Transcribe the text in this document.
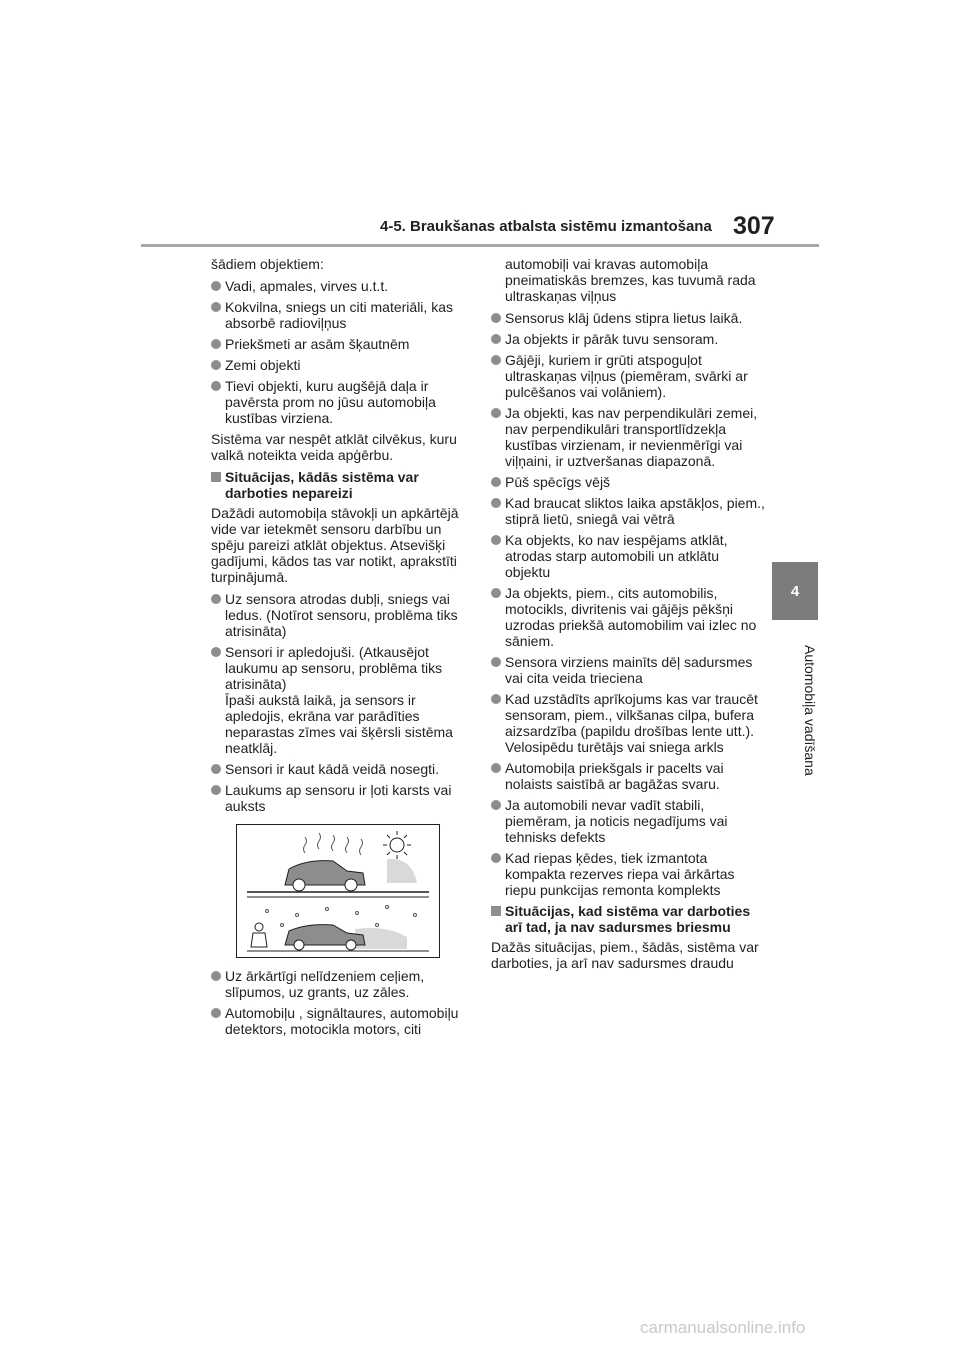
4-5. Braukšanas atbalsta sistēmu izmantošana 307
4
Automobiļa vadīšana

šādiem objektiem:

Vadi, apmales, virves u.t.t.

Kokvilna, sniegs un citi materiāli, kas absorbē radioviļņus

Priekšmeti ar asām šķautnēm

Zemi objekti

Tievi objekti, kuru augšējā daļa ir pavērsta prom no jūsu automobiļa kustības virziena.

Sistēma var nespēt atklāt cilvēkus, kuru valkā noteikta veida apģērbu.

Situācijas, kādās sistēma var darboties nepareizi

Dažādi automobiļa stāvokļi un apkārtējā vide var ietekmēt sensoru darbību un spēju pareizi atklāt objektus. Atsevišķi gadījumi, kādos tas var notikt, aprakstīti turpinājumā.

Uz sensora atrodas dubļi, sniegs vai ledus. (Notīrot sensoru, problēma tiks atrisināta)

Sensori ir apledojuši. (Atkausējot laukumu ap sensoru, problēma tiks atrisināta)
Īpaši aukstā laikā, ja sensors ir apledojis, ekrāna var parādīties neparastas zīmes vai šķērsli sistēma neatklāj.

Sensori ir kaut kādā veidā nosegti.

Laukums ap sensoru ir ļoti karsts vai auksts

Uz ārkārtīgi nelīdzeniem ceļiem, slīpumos, uz grants, uz zāles.

Automobiļu , signāltaures, automobiļu detektors, motocikla motors, citi

automobiļi vai kravas automobiļa pneimatiskās bremzes, kas tuvumā rada ultraskaņas viļņus

Sensorus klāj ūdens stipra lietus laikā.

Ja objekts ir pārāk tuvu sensoram.

Gājēji, kuriem ir grūti atspoguļot ultraskaņas viļņus (piemēram, svārki ar pulcēšanos vai volāniem).

Ja objekti, kas nav perpendikulāri zemei, nav perpendikulāri transportlīdzekļa kustības virzienam, ir nevienmērīgi vai viļņaini, ir uztveršanas diapazonā.

Pūš spēcīgs vējš

Kad braucat sliktos laika apstākļos, piem., stiprā lietū, sniegā vai vētrā

Ka objekts, ko nav iespējams atklāt, atrodas starp automobili un atklātu objektu

Ja objekts, piem., cits automobilis, motocikls, divritenis vai gājējs pēkšņi uzrodas priekšā automobilim vai izlec no sāniem.

Sensora virziens mainīts dēļ sadursmes vai cita veida trieciena

Kad uzstādīts aprīkojums kas var traucēt sensoram, piem., vilkšanas cilpa, bufera aizsardzība (papildu drošības lente utt.). Velosipēdu turētājs vai sniega arkls

Automobiļa priekšgals ir pacelts vai nolaists saistībā ar bagāžas svaru.

Ja automobili nevar vadīt stabili, piemēram, ja noticis negadījums vai tehnisks defekts

Kad riepas ķēdes, tiek izmantota kompakta rezerves riepa vai ārkārtas riepu punkcijas remonta komplekts

Situācijas, kad sistēma var darboties arī tad, ja nav sadursmes briesmu

Dažās situācijas, piem., šādās, sistēma var darboties, ja arī nav sadursmes draudu

carmanualsonline.info
